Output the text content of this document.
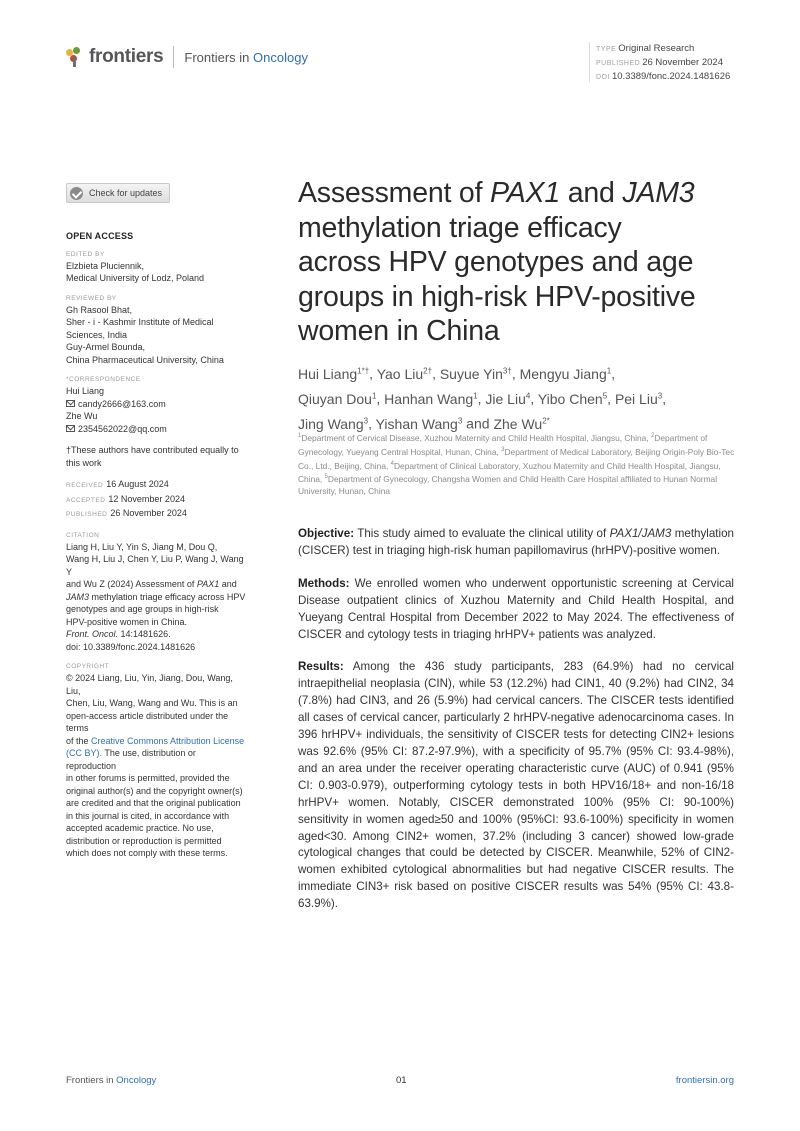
frontiers Frontiers in Oncology	TYPE Original Research
PUBLISHED 26 November 2024
DOI 10.3389/fonc.2024.1481626
Check for updates
OPEN ACCESS
EDITED BY
Elzbieta Pluciennik,
Medical University of Lodz, Poland
REVIEWED BY
Gh Rasool Bhat,
Sher - i - Kashmir Institute of Medical
Sciences, India
Guy-Armel Bounda,
China Pharmaceutical University, China
*CORRESPONDENCE
Hui Liang
candy2666@163.com
Zhe Wu
2354562022@qq.com
†These authors have contributed equally to
this work
RECEIVED 16 August 2024
ACCEPTED 12 November 2024
PUBLISHED 26 November 2024
CITATION
Liang H, Liu Y, Yin S, Jiang M, Dou Q,
Wang H, Liu J, Chen Y, Liu P, Wang J, Wang Y
and Wu Z (2024) Assessment of PAX1 and
JAM3 methylation triage efficacy across HPV
genotypes and age groups in high-risk
HPV-positive women in China.
Front. Oncol. 14:1481626.
doi: 10.3389/fonc.2024.1481626
COPYRIGHT
© 2024 Liang, Liu, Yin, Jiang, Dou, Wang, Liu,
Chen, Liu, Wang, Wang and Wu. This is an
open-access article distributed under the terms
of the Creative Commons Attribution License
(CC BY). The use, distribution or reproduction
in other forums is permitted, provided the
original author(s) and the copyright owner(s)
are credited and that the original publication
in this journal is cited, in accordance with
accepted academic practice. No use,
distribution or reproduction is permitted
which does not comply with these terms.
Assessment of PAX1 and JAM3
methylation triage efficacy
across HPV genotypes and age
groups in high-risk HPV-positive
women in China
Hui Liang$^{1*\dagger}$, Yao Liu$^{2\dagger}$, Suyue Yin$^{3\dagger}$, Mengyu Jiang$^1$,
Qiuyan Dou$^1$, Hanhan Wang$^1$, Jie Liu$^4$, Yibo Chen$^5$, Pei Liu$^3$,
Jing Wang$^3$, Yishan Wang$^3$ and Zhe $Wu^{2*}$
$^1$Department of Cervical Disease, Xuzhou Maternity and Child Health Hospital, Jiangsu, China, $^2$Department of Gynecology, Yueyang Central Hospital, Hunan, China, $^3$Department of Medical Laboratory, Beijing Origin-Poly Bio-Tec Co., Ltd., Beijing, China, $^4$Department of Clinical Laboratory, Xuzhou Maternity and Child Health Hospital, Jiangsu, China, $^5$Department of Gynecology, Changsha Women and Child Health Care Hospital affiliated to Hunan Normal University, Hunan, China

Objective: This study aimed to evaluate the clinical utility of PAX1/JAM3 methylation (CISCER) test in triaging high-risk human papillomavirus (hrHPV)-positive women.

Methods: We enrolled women who underwent opportunistic screening at Cervical Disease outpatient clinics of Xuzhou Maternity and Child Health Hospital, and Yueyang Central Hospital from December 2022 to May 2024. The effectiveness of CISCER and cytology tests in triaging hrHPV+ patients was analyzed.

Results: Among the 436 study participants, 283 (64.9%) had no cervical intraepithelial neoplasia (CIN), while 53 (12.2%) had CIN1, 40 (9.2%) had CIN2, 34 (7.8%) had CIN3, and 26 (5.9%) had cervical cancers. The CISCER tests identified all cases of cervical cancer, particularly 2 hrHPV-negative adenocarcinoma cases. In 396 hrHPV+ individuals, the sensitivity of CISCER tests for detecting CIN2+ lesions was 92.6% (95% CI: 87.2-97.9%), with a specificity of 95.7% (95% CI: 93.4-98%), and an area under the receiver operating characteristic curve (AUC) of 0.941 (95% CI: 0.903-0.979), outperforming cytology tests in both HPV16/18+ and non-16/18 hrHPV+ women. Notably, CISCER demonstrated 100% (95% CI: 90-100%) sensitivity in women aged≥50 and 100% (95%CI: 93.6-100%) specificity in women aged<30. Among CIN2+ women, 37.2% (including 3 cancer) showed low-grade cytological changes that could be detected by CISCER. Meanwhile, 52% of CIN2- women exhibited cytological abnormalities but had negative CISCER results. The immediate CIN3+ risk based on positive CISCER results was 54% (95% CI: 43.8-63.9%).

Frontiers in Oncology	01	frontiersin.org
